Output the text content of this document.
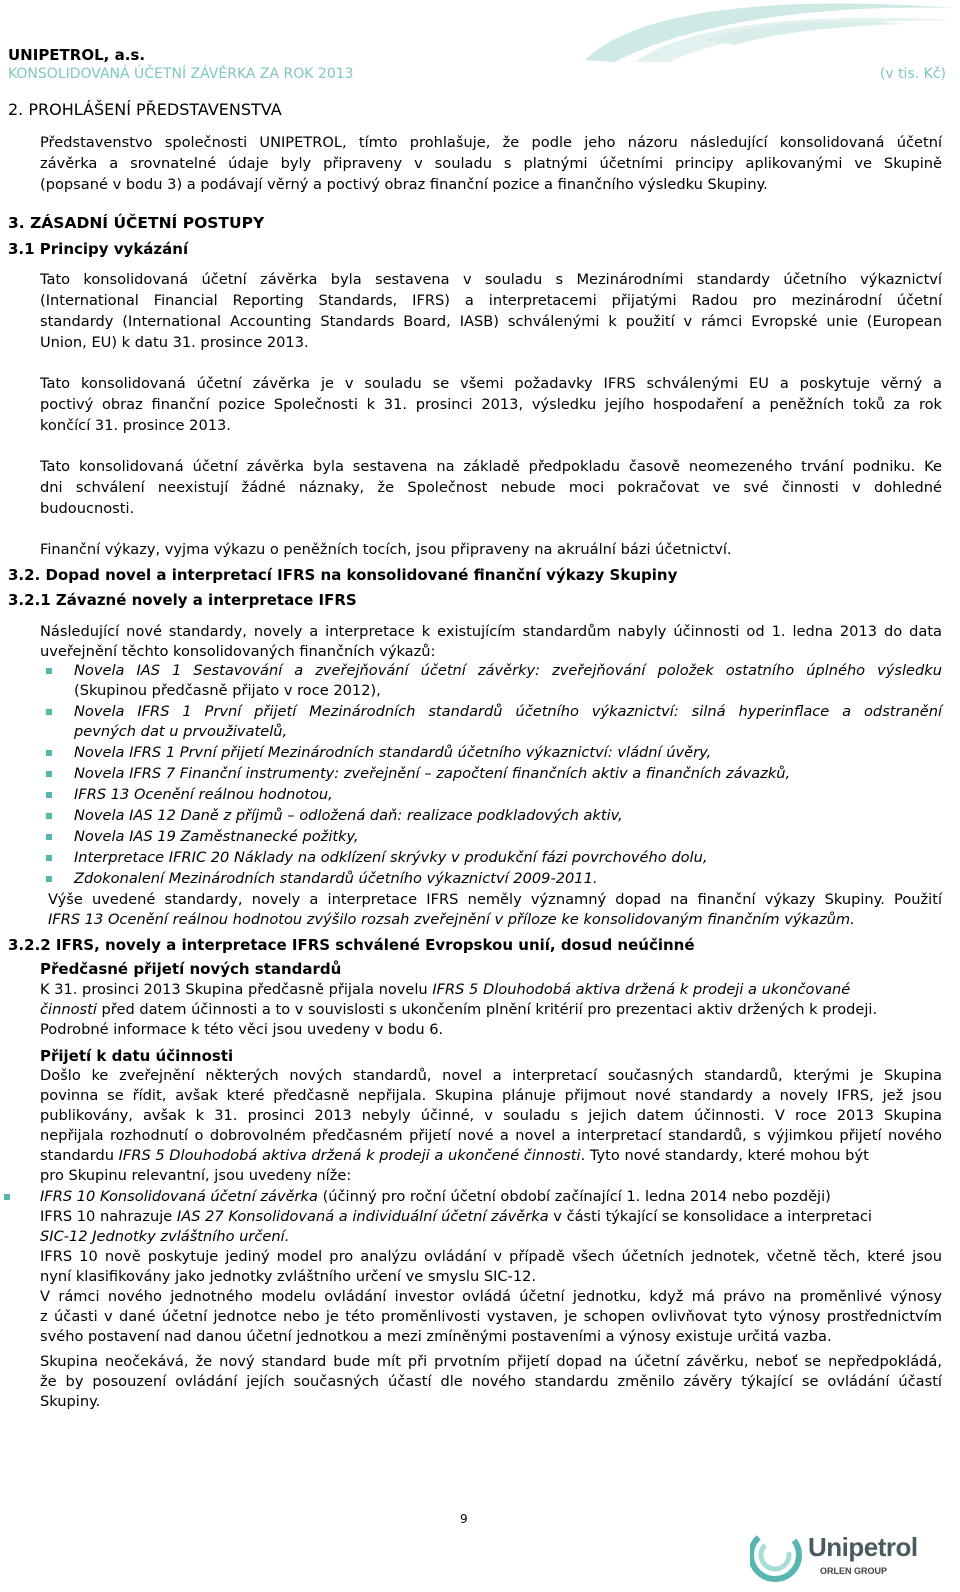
UNIPETROL, a.s.
KONSOLIDOVANÁ ÚČETNÍ ZÁVĚRKA ZA ROK 2013	(v tis. Kč)
2. PROHLÁŠENÍ PŘEDSTAVENSTVA
Představenstvo společnosti UNIPETROL, tímto prohlašuje, že podle jeho názoru následující konsolidovaná účetní
závěrka a srovnatelné údaje byly připraveny v souladu s platnými účetními principy aplikovanými ve Skupině
(popsané v bodu 3) a podávají věrný a poctivý obraz finanční pozice a finančního výsledku Skupiny.
3. ZÁSADNÍ ÚČETNÍ POSTUPY
3.1 Principy vykázání
Tato konsolidovaná účetní závěrka byla sestavena v souladu s Mezinárodními standardy účetního výkaznictví
(International Financial Reporting Standards, IFRS) a interpretacemi přijatými Radou pro mezinárodní účetní
standardy (International Accounting Standards Board, IASB) schválenými k použití v rámci Evropské unie (European
Union, EU) k datu 31. prosince 2013.
Tato konsolidovaná účetní závěrka je v souladu se všemi požadavky IFRS schválenými EU a poskytuje věrný a
poctivý obraz finanční pozice Společnosti k 31. prosinci 2013, výsledku jejího hospodaření a peněžních toků za rok
končící 31. prosince 2013.
Tato konsolidovaná účetní závěrka byla sestavena na základě předpokladu časově neomezeného trvání podniku. Ke
dni schválení neexistují žádné náznaky, že Společnost nebude moci pokračovat ve své činnosti v dohledné
budoucnosti.
Finanční výkazy, vyjma výkazu o peněžních tocích, jsou připraveny na akruální bázi účetnictví.
3.2. Dopad novel a interpretací IFRS na konsolidované finanční výkazy Skupiny
3.2.1 Závazné novely a interpretace IFRS
Následující nové standardy, novely a interpretace k existujícím standardům nabyly účinnosti od 1. ledna 2013 do data
uveřejnění těchto konsolidovaných finančních výkazů:
Novela IAS 1 Sestavování a zveřejňování účetní závěrky: zveřejňování položek ostatního úplného výsledku
(Skupinou předčasně přijato v roce 2012),
Novela IFRS 1 První přijetí Mezinárodních standardů účetního výkaznictví: silná hyperinflace a odstranění
pevných dat u prvouživatelů,
Novela IFRS 1 První přijetí Mezinárodních standardů účetního výkaznictví: vládní úvěry,
Novela IFRS 7 Finanční instrumenty: zveřejnění – započtení finančních aktiv a finančních závazků,
IFRS 13 Ocenění reálnou hodnotou,
Novela IAS 12 Daně z příjmů – odložená daň: realizace podkladových aktiv,
Novela IAS 19 Zaměstnanecké požitky,
Interpretace IFRIC 20 Náklady na odklízení skrývky v produkční fázi povrchového dolu,
Zdokonalení Mezinárodních standardů účetního výkaznictví 2009-2011.
Výše uvedené standardy, novely a interpretace IFRS neměly významný dopad na finanční výkazy Skupiny. Použití
IFRS 13 Ocenění reálnou hodnotou zvýšilo rozsah zveřejnění v příloze ke konsolidovaným finančním výkazům.
3.2.2 IFRS, novely a interpretace IFRS schválené Evropskou unií, dosud neúčinné
Předčasné přijetí nových standardů
K 31. prosinci 2013 Skupina předčasně přijala novelu IFRS 5 Dlouhodobá aktiva držená k prodeji a ukončované
činnosti před datem účinnosti a to v souvislosti s ukončením plnění kritérií pro prezentaci aktiv držených k prodeji.
Podrobné informace k této věci jsou uvedeny v bodu 6.
Přijetí k datu účinnosti
Došlo ke zveřejnění některých nových standardů, novel a interpretací současných standardů, kterými je Skupina
povinna se řídit, avšak které předčasně nepřijala. Skupina plánuje přijmout nové standardy a novely IFRS, jež jsou
publikovány, avšak k 31. prosinci 2013 nebyly účinné, v souladu s jejich datem účinnosti. V roce 2013 Skupina
nepřijala rozhodnutí o dobrovolném předčasném přijetí nové a novel a interpretací standardů, s výjimkou přijetí nového
standardu IFRS 5 Dlouhodobá aktiva držená k prodeji a ukončené činnosti. Tyto nové standardy, které mohou být
pro Skupinu relevantní, jsou uvedeny níže:
IFRS 10 Konsolidovaná účetní závěrka (účinný pro roční účetní období začínající 1. ledna 2014 nebo později)
IFRS 10 nahrazuje IAS 27 Konsolidovaná a individuální účetní závěrka v části týkající se konsolidace a interpretaci
SIC-12 Jednotky zvláštního určení.
IFRS 10 nově poskytuje jediný model pro analýzu ovládání v případě všech účetních jednotek, včetně těch, které jsou
nyní klasifikovány jako jednotky zvláštního určení ve smyslu SIC-12.
V rámci nového jednotného modelu ovládání investor ovládá účetní jednotku, když má právo na proměnlivé výnosy
z účasti v dané účetní jednotce nebo je této proměnlivosti vystaven, je schopen ovlivňovat tyto výnosy prostřednictvím
svého postavení nad danou účetní jednotkou a mezi zmíněnými postaveními a výnosy existuje určitá vazba.
Skupina neočekává, že nový standard bude mít při prvotním přijetí dopad na účetní závěrku, neboť se nepředpokládá,
že by posouzení ovládání jejích současných účastí dle nového standardu změnilo závěry týkající se ovládání účastí
Skupiny.
9
Unipetrol
ORLEN GROUP
